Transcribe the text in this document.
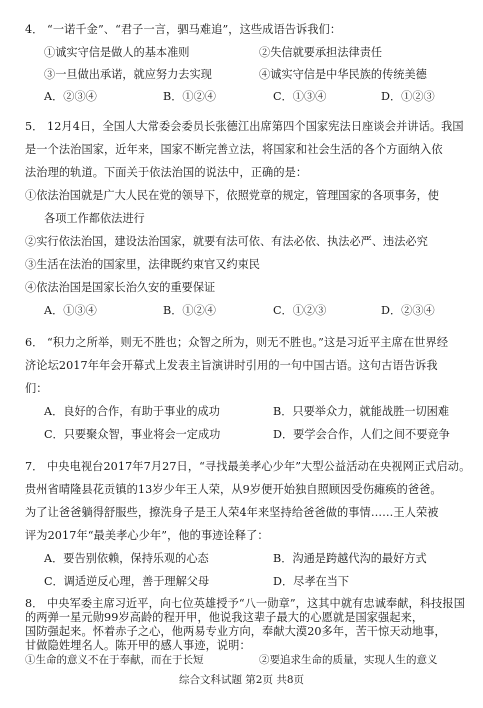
4． “一诺千金”、“君子一言，驷马难追”，这些成语告诉我们：
①诚实守信是做人的基本准则	②失信就要承担法律责任
③一旦做出承诺，就应努力去实现	④诚实守信是中华民族的传统美德
A．②③④	B．①②④	C．①③④	D．①②③
5． 12月4日，全国人大常委会委员长张德江出席第四个国家宪法日座谈会并讲话。我国
是一个法治国家，近年来，国家不断完善立法，将国家和社会生活的各个方面纳入依
法治理的轨道。下面关于依法治国的说法中，正确的是：
①依法治国就是广大人民在党的领导下，依照党章的规定，管理国家的各项事务，使
各项工作都依法进行
②实行依法治国，建设法治国家，就要有法可依、有法必依、执法必严、违法必究
③生活在法治的国家里，法律既约束官又约束民
④依法治国是国家长治久安的重要保证
A．①③④	B．①②④	C．①②③	D．②③④
6． “积力之所举，则无不胜也；众智之所为，则无不胜也。”这是习近平主席在世界经
济论坛2017年年会开幕式上发表主旨演讲时引用的一句中国古语。这句古语告诉我
们：
A．良好的合作，有助于事业的成功	B．只要举众力，就能战胜一切困难
C．只要聚众智，事业将会一定成功	D．要学会合作，人们之间不要竞争
7． 中央电视台2017年7月27日，“寻找最美孝心少年”大型公益活动在央视网正式启动。
贵州省晴隆县花贡镇的13岁少年王人荣，从9岁便开始独自照顾因受伤瘫痪的爸爸。
为了让爸爸躺得舒服些，擦洗身子是王人荣4年来坚持给爸爸做的事情……王人荣被
评为2017年“最美孝心少年”，他的事迹诠释了：
A．要告别依赖，保持乐观的心态	B．沟通是跨越代沟的最好方式
C．调适逆反心理，善于理解父母	D．尽孝在当下
8． 中央军委主席习近平，向七位英雄授予“八一勋章”，这其中就有忠诚奉献，科技报国
的两弹一星元勋99岁高龄的程开甲，他说我这辈子最大的心愿就是国家强起来，
国防强起来。怀着赤子之心，他两易专业方向，奉献大漠20多年，苦干惊天动地事，
甘做隐姓埋名人。陈开甲的感人事迹，说明：
①生命的意义不在于奉献，而在于长短	②要追求生命的质量，实现人生的意义
综合文科试题 第2页 共8页
